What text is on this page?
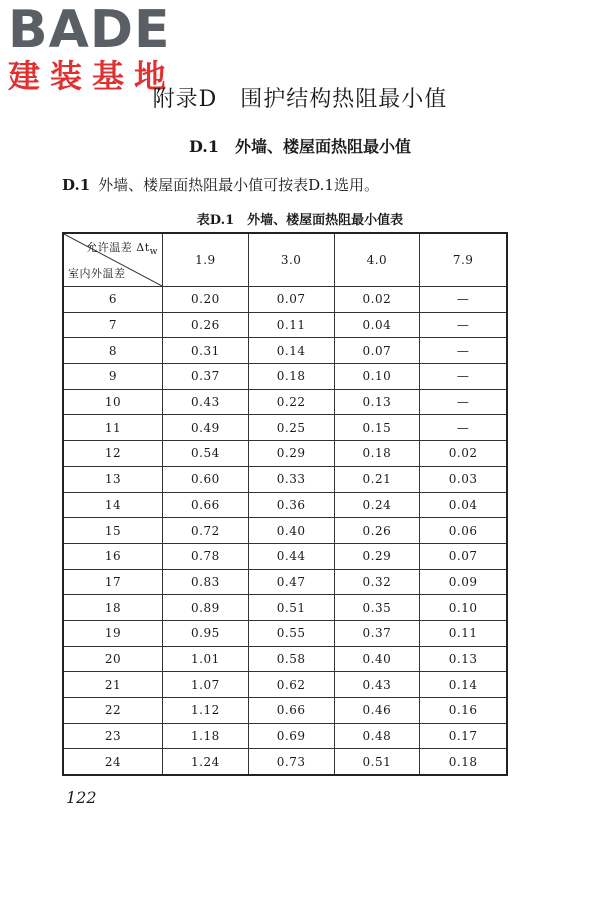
BADE
建装基地
附录D　围护结构热阻最小值
D.1　外墙、楼屋面热阻最小值
D.1 外墙、楼屋面热阻最小值可按表D.1选用。
表D.1　外墙、楼屋面热阻最小值表
允许温差 $\Delta t_w$
室内外温差	1.9	3.0	4.0	7.9
6	0.20	0.07	0.02	—
7	0.26	0.11	0.04	—
8	0.31	0.14	0.07	—
9	0.37	0.18	0.10	—
10	0.43	0.22	0.13	—
11	0.49	0.25	0.15	—
12	0.54	0.29	0.18	0.02
13	0.60	0.33	0.21	0.03
14	0.66	0.36	0.24	0.04
15	0.72	0.40	0.26	0.06
16	0.78	0.44	0.29	0.07
17	0.83	0.47	0.32	0.09
18	0.89	0.51	0.35	0.10
19	0.95	0.55	0.37	0.11
20	1.01	0.58	0.40	0.13
21	1.07	0.62	0.43	0.14
22	1.12	0.66	0.46	0.16
23	1.18	0.69	0.48	0.17
24	1.24	0.73	0.51	0.18
122
